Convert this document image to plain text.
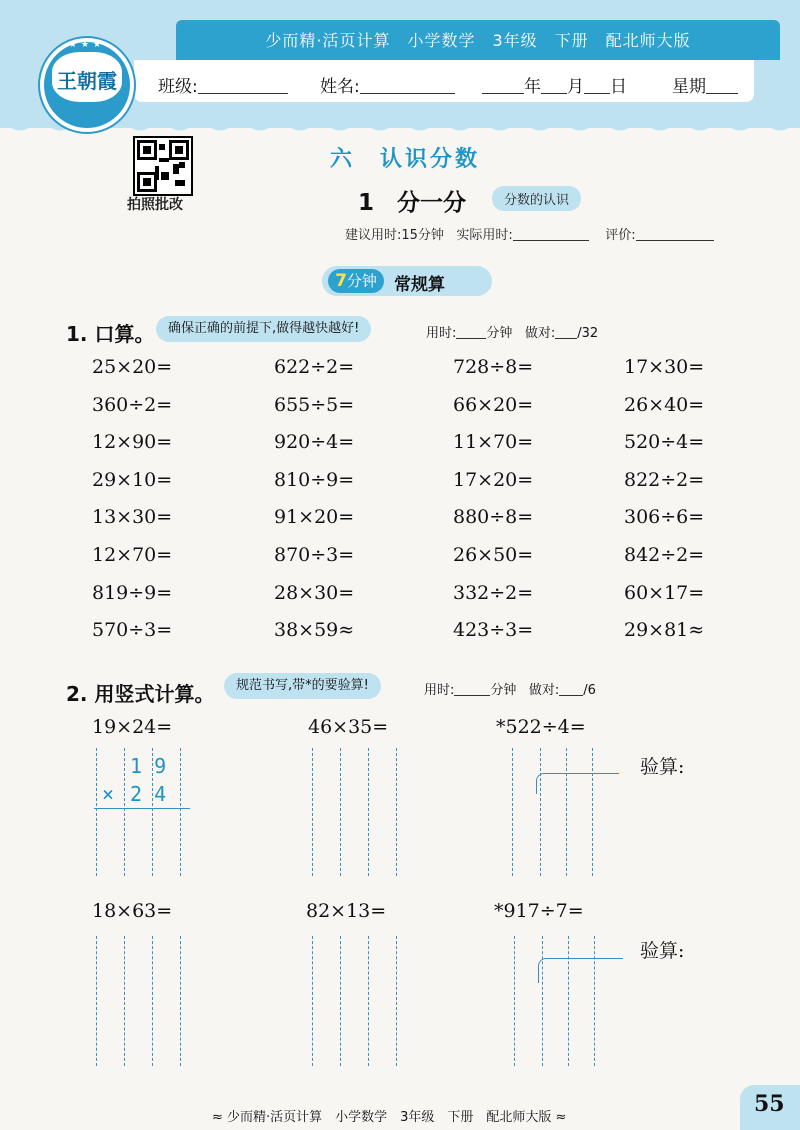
少而精·活页计算　小学数学　3年级　下册　配北师大版
班级:	姓名:	年 月 日	星期
★★★
王朝霞
拍照批改
六　认识分数
1　分一分	分数的认识
建议用时:15分钟 实际用时:	评价:
7分钟	常规算
1. 口算。	确保正确的前提下,做得越快越好!	用时: 分钟 做对: /32
25×20=	622÷2=	728÷8=	17×30=
360÷2=	655÷5=	66×20=	26×40=
12×90=	920÷4=	11×70=	520÷4=
29×10=	810÷9=	17×20=	822÷2=
13×30=	91×20=	880÷8=	306÷6=
12×70=	870÷3=	26×50=	842÷2=
819÷9=	28×30=	332÷2=	60×17=
570÷3=	38×59≈	423÷3=	29×81≈
2. 用竖式计算。	规范书写,带*的要验算!	用时:	分钟 做对: /6
19×24=	46×35=	*522÷4=
验算:
1 9
× 2 4
18×63=	82×13=	*917÷7=
验算:
≈ 少而精·活页计算　小学数学　3年级　下册　配北师大版 ≈
55
